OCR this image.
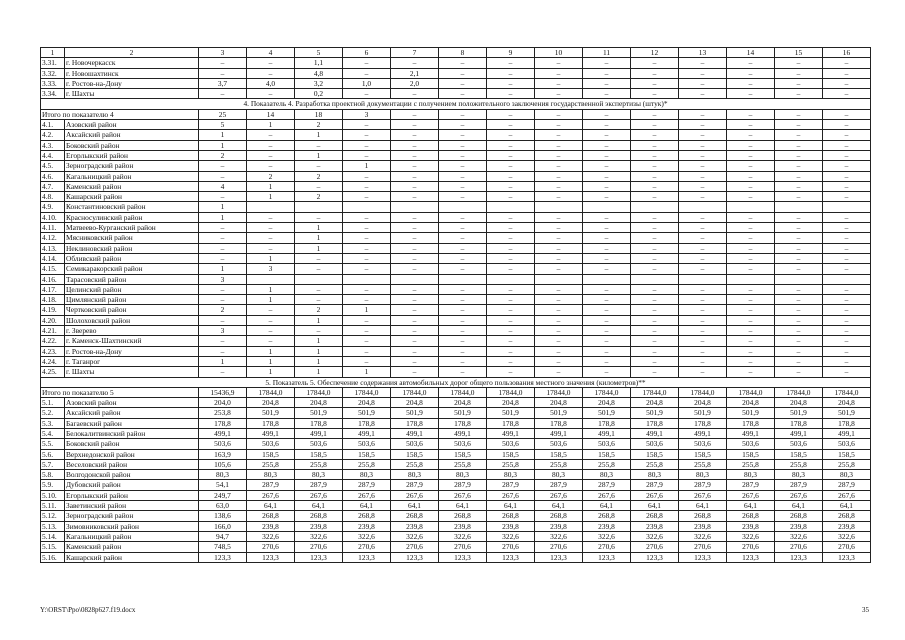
1	2	3	4	5	6	7	8	9	10	11	12	13	14	15	16
3.31.	г. Новочеркасск	–	–	1,1	–	–	–	–	–	–	–	–	–	–	–
3.32.	г. Новошахтинск	–	–	4,8	–	2,1	–	–	–	–	–	–	–	–	–
3.33.	г. Ростов-на-Дону	3,7	4,0	3,2	1,0	2,0	–	–	–	–	–	–	–	–	–
3.34.	г. Шахты	–	–	0,2	–	–	–	–	–	–	–	–	–	–	–
4. Показатель 4. Разработка проектной документации с получением положительного заключения государственной экспертизы (штук)*															
Итого по показателю 4		25	14	18	3	–	–	–	–	–	–	–	–	–	–
4.1.	Азовский район	5	1	2	–	–	–	–	–	–	–	–	–	–	–
4.2.	Аксайский район	1	–	1	–	–	–	–	–	–	–	–	–	–	–
4.3.	Боковский район	1	–	–	–	–	–	–	–	–	–	–	–	–	–
4.4.	Егорлыкский район	2	–	1	–	–	–	–	–	–	–	–	–	–	–
4.5.	Зерноградский район	–	–	–	1	–	–	–	–	–	–	–	–	–	–
4.6.	Кагальницкий район	–	2	2	–	–	–	–	–	–	–	–	–	–	–
4.7.	Каменский район	4	1	–	–	–	–	–	–	–	–	–	–	–	–
4.8.	Кашарский район	–	1	2	–	–	–	–	–	–	–	–	–	–	–
4.9.	Константиновский район	1													
4.10.	Красносулинский район	1	–	–	–	–	–	–	–	–	–	–	–	–	–
4.11.	Матвеево-Курганский район	–	–	1	–	–	–	–	–	–	–	–	–	–	–
4.12.	Мясниковский район	–	–	1	–	–	–	–	–	–	–	–	–	–	–
4.13.	Неклиновский район	–	–	1	–	–	–	–	–	–	–	–	–	–	–
4.14.	Обливский район	–	1	–	–	–	–	–	–	–	–	–	–	–	–
4.15.	Семикаракорский район	1	3	–	–	–	–	–	–	–	–	–	–	–	–
4.16.	Тарасовский район	3													
4.17.	Целинский район	–	1	–	–	–	–	–	–	–	–	–	–	–	–
4.18.	Цимлянский район	–	1	–	–	–	–	–	–	–	–	–	–	–	–
4.19.	Чертковский район	2	–	2	1	–	–	–	–	–	–	–	–	–	–
4.20.	Шолоховский район	–	–	1	–	–	–	–	–	–	–	–	–	–	–
4.21.	г. Зверево	3	–	–	–	–	–	–	–	–	–	–	–	–	–
4.22.	г. Каменск-Шахтинский	–	–	1	–	–	–	–	–	–	–	–	–	–	–
4.23.	г. Ростов-на-Дону	–	1	1	–	–	–	–	–	–	–	–	–	–	–
4.24.	г. Таганрог	1	1	1	–	–	–	–	–	–	–	–	–	–	–
4.25.	г. Шахты	–	1	1	1	–	–	–	–	–	–	–	–	–	–
5. Показатель 5. Обеспечение содержания автомобильных дорог общего пользования местного значения (километров)**															
Итого по показателю 5		15436,9	17844,0	17844,0	17844,0	17844,0	17844,0	17844,0	17844,0	17844,0	17844,0	17844,0	17844,0	17844,0	17844,0
5.1.	Азовский район	204,0	204,8	204,8	204,8	204,8	204,8	204,8	204,8	204,8	204,8	204,8	204,8	204,8	204,8
5.2.	Аксайский район	253,8	501,9	501,9	501,9	501,9	501,9	501,9	501,9	501,9	501,9	501,9	501,9	501,9	501,9
5.3.	Багаевский район	178,8	178,8	178,8	178,8	178,8	178,8	178,8	178,8	178,8	178,8	178,8	178,8	178,8	178,8
5.4.	Белокалитвинский район	499,1	499,1	499,1	499,1	499,1	499,1	499,1	499,1	499,1	499,1	499,1	499,1	499,1	499,1
5.5.	Боковский район	503,6	503,6	503,6	503,6	503,6	503,6	503,6	503,6	503,6	503,6	503,6	503,6	503,6	503,6
5.6.	Верхнедонской район	163,9	158,5	158,5	158,5	158,5	158,5	158,5	158,5	158,5	158,5	158,5	158,5	158,5	158,5
5.7.	Веселовский район	105,6	255,8	255,8	255,8	255,8	255,8	255,8	255,8	255,8	255,8	255,8	255,8	255,8	255,8
5.8.	Волгодонской район	80,3	80,3	80,3	80,3	80,3	80,3	80,3	80,3	80,3	80,3	80,3	80,3	80,3	80,3
5.9.	Дубовский район	54,1	287,9	287,9	287,9	287,9	287,9	287,9	287,9	287,9	287,9	287,9	287,9	287,9	287,9
5.10.	Егорлыкский район	249,7	267,6	267,6	267,6	267,6	267,6	267,6	267,6	267,6	267,6	267,6	267,6	267,6	267,6
5.11.	Заветинский район	63,0	64,1	64,1	64,1	64,1	64,1	64,1	64,1	64,1	64,1	64,1	64,1	64,1	64,1
5.12.	Зерноградский район	138,6	268,8	268,8	268,8	268,8	268,8	268,8	268,8	268,8	268,8	268,8	268,8	268,8	268,8
5.13.	Зимовниковский район	166,0	239,8	239,8	239,8	239,8	239,8	239,8	239,8	239,8	239,8	239,8	239,8	239,8	239,8
5.14.	Кагальницкий район	94,7	322,6	322,6	322,6	322,6	322,6	322,6	322,6	322,6	322,6	322,6	322,6	322,6	322,6
5.15.	Каменский район	748,5	270,6	270,6	270,6	270,6	270,6	270,6	270,6	270,6	270,6	270,6	270,6	270,6	270,6
5.16.	Кашарский район	123,3	123,3	123,3	123,3	123,3	123,3	123,3	123,3	123,3	123,3	123,3	123,3	123,3	123,3
Y:\ORST\Ppo\0828p627.f19.docx	35
